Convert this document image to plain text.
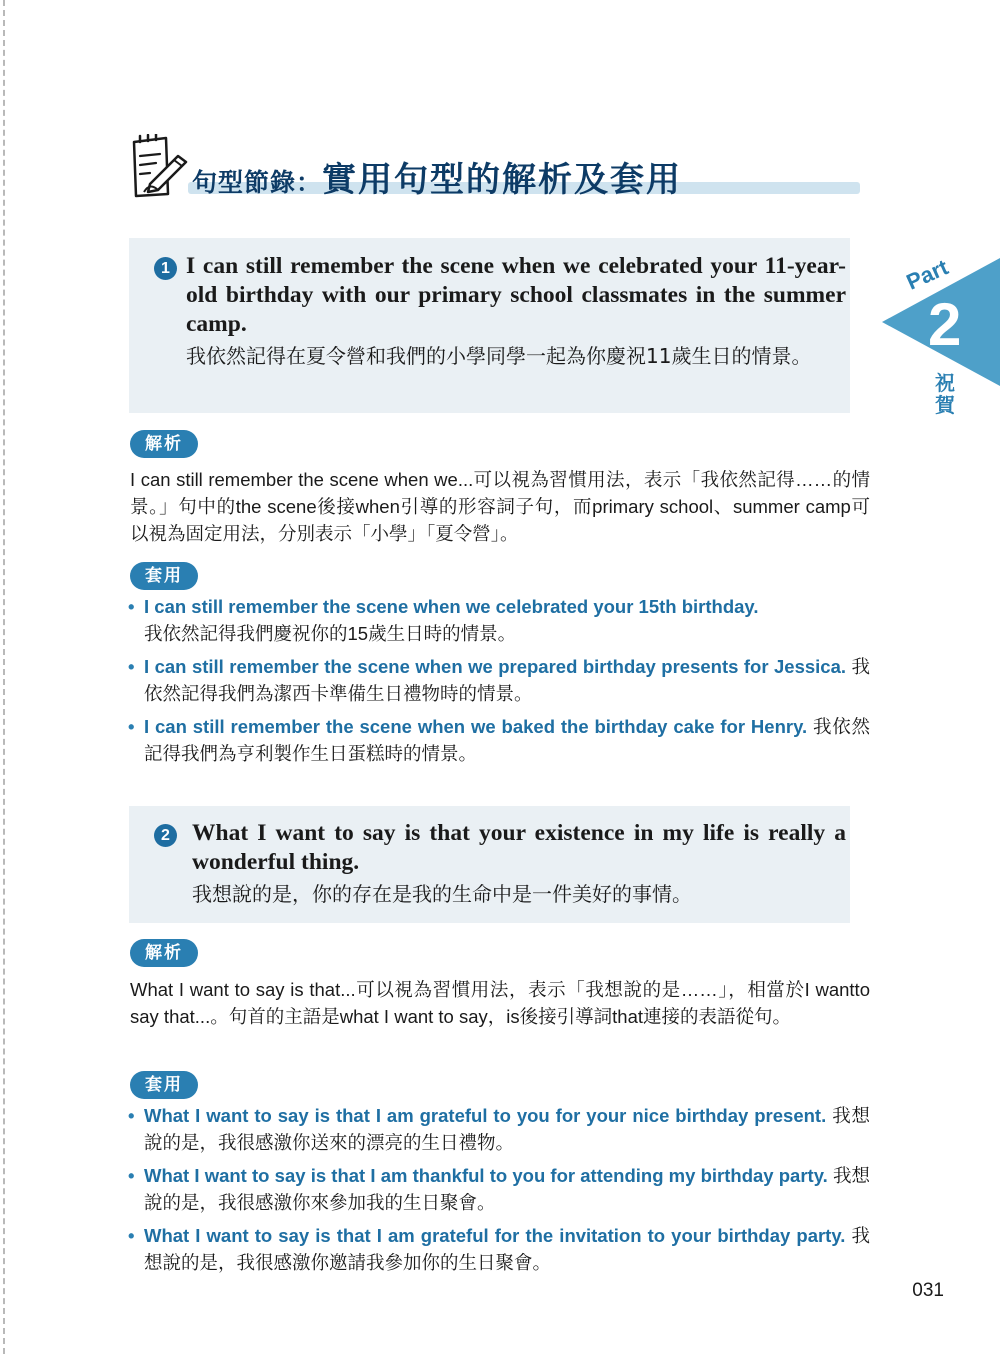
句型節錄：實用句型的解析及套用
Part
2
祝
賀
1 I can still remember the scene when we celebrated your 11-year-old birthday with our primary school classmates in the summer camp.

我依然記得在夏令營和我們的小學同學一起為你慶祝11歲生日的情景。

解析

I can still remember the scene when we...可以視為習慣用法，表示「我依然記得……的情景。」句中的the scene後接when引導的形容詞子句，而primary school、summer camp可以視為固定用法，分別表示「小學」「夏令營」。

套用
• I can still remember the scene when we celebrated your 15th birthday.
我依然記得我們慶祝你的15歲生日時的情景。
• I can still remember the scene when we prepared birthday presents for Jessica. 我依然記得我們為潔西卡準備生日禮物時的情景。
• I can still remember the scene when we baked the birthday cake for Henry. 我依然記得我們為亨利製作生日蛋糕時的情景。
2 What I want to say is that your existence in my life is really a wonderful thing.

我想說的是，你的存在是我的生命中是一件美好的事情。

解析

What I want to say is that...可以視為習慣用法，表示「我想說的是……」，相當於I wantto say that...。句首的主語是what I want to say，is後接引導詞that連接的表語從句。

套用
• What I want to say is that I am grateful to you for your nice birthday present. 我想說的是，我很感激你送來的漂亮的生日禮物。
• What I want to say is that I am thankful to you for attending my birthday party. 我想說的是，我很感激你來參加我的生日聚會。
• What I want to say is that I am grateful for the invitation to your birthday party. 我想說的是，我很感激你邀請我參加你的生日聚會。
031
